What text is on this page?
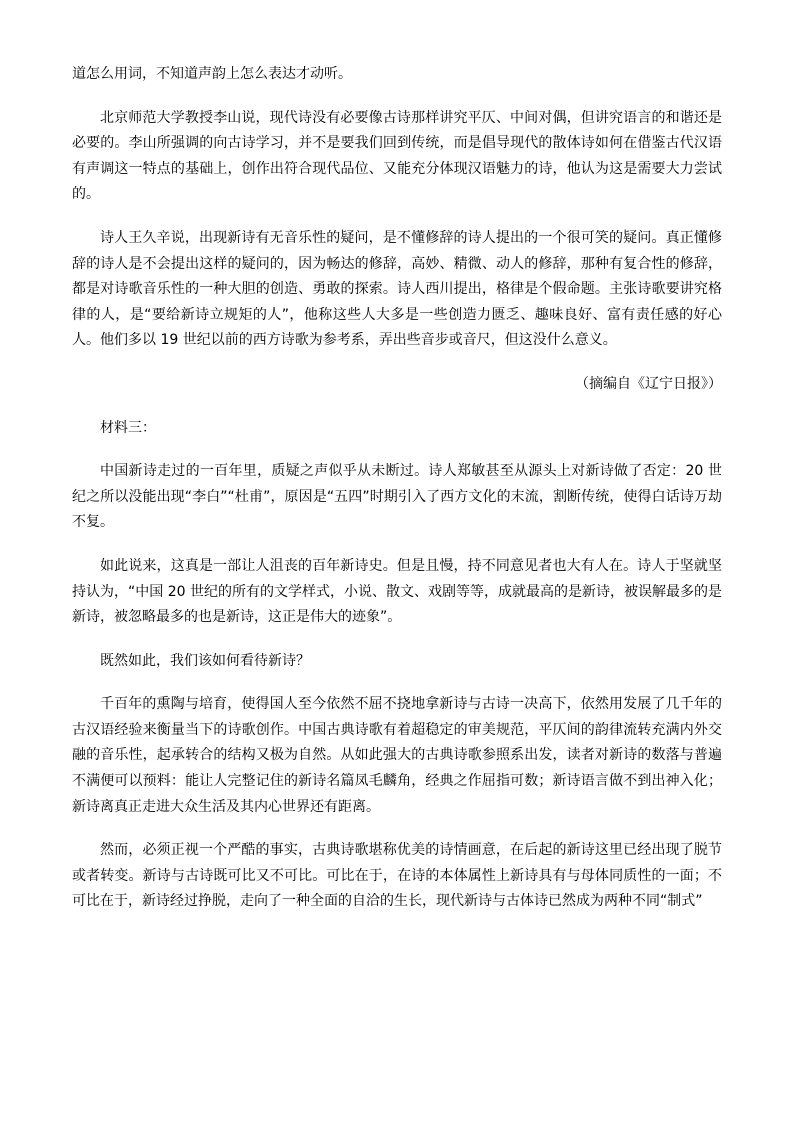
道怎么用词，不知道声韵上怎么表达才动听。

北京师范大学教授李山说，现代诗没有必要像古诗那样讲究平仄、中间对偶，但讲究语言的和谐还是必要的。李山所强调的向古诗学习，并不是要我们回到传统，而是倡导现代的散体诗如何在借鉴古代汉语有声调这一特点的基础上，创作出符合现代品位、又能充分体现汉语魅力的诗，他认为这是需要大力尝试的。

诗人王久辛说，出现新诗有无音乐性的疑问，是不懂修辞的诗人提出的一个很可笑的疑问。真正懂修辞的诗人是不会提出这样的疑问的，因为畅达的修辞，高妙、精微、动人的修辞，那种有复合性的修辞，都是对诗歌音乐性的一种大胆的创造、勇敢的探索。诗人西川提出，格律是个假命题。主张诗歌要讲究格律的人，是“要给新诗立规矩的人”，他称这些人大多是一些创造力匮乏、趣味良好、富有责任感的好心人。他们多以 19 世纪以前的西方诗歌为参考系，弄出些音步或音尺，但这没什么意义。

（摘编自《辽宁日报》）

材料三：

中国新诗走过的一百年里，质疑之声似乎从未断过。诗人郑敏甚至从源头上对新诗做了否定：20 世纪之所以没能出现“李白”“杜甫”，原因是“五四”时期引入了西方文化的末流，割断传统，使得白话诗万劫不复。

如此说来，这真是一部让人沮丧的百年新诗史。但是且慢，持不同意见者也大有人在。诗人于坚就坚持认为，“中国 20 世纪的所有的文学样式，小说、散文、戏剧等等，成就最高的是新诗，被误解最多的是新诗，被忽略最多的也是新诗，这正是伟大的迹象”。

既然如此，我们该如何看待新诗？

千百年的熏陶与培育，使得国人至今依然不屈不挠地拿新诗与古诗一决高下，依然用发展了几千年的古汉语经验来衡量当下的诗歌创作。中国古典诗歌有着超稳定的审美规范，平仄间的韵律流转充满内外交融的音乐性，起承转合的结构又极为自然。从如此强大的古典诗歌参照系出发，读者对新诗的数落与普遍不满便可以预料：能让人完整记住的新诗名篇凤毛麟角，经典之作屈指可数；新诗语言做不到出神入化；新诗离真正走进大众生活及其内心世界还有距离。

然而，必须正视一个严酷的事实，古典诗歌堪称优美的诗情画意，在后起的新诗这里已经出现了脱节或者转变。新诗与古诗既可比又不可比。可比在于，在诗的本体属性上新诗具有与母体同质性的一面；不可比在于，新诗经过挣脱，走向了一种全面的自洽的生长，现代新诗与古体诗已然成为两种不同“制式”
